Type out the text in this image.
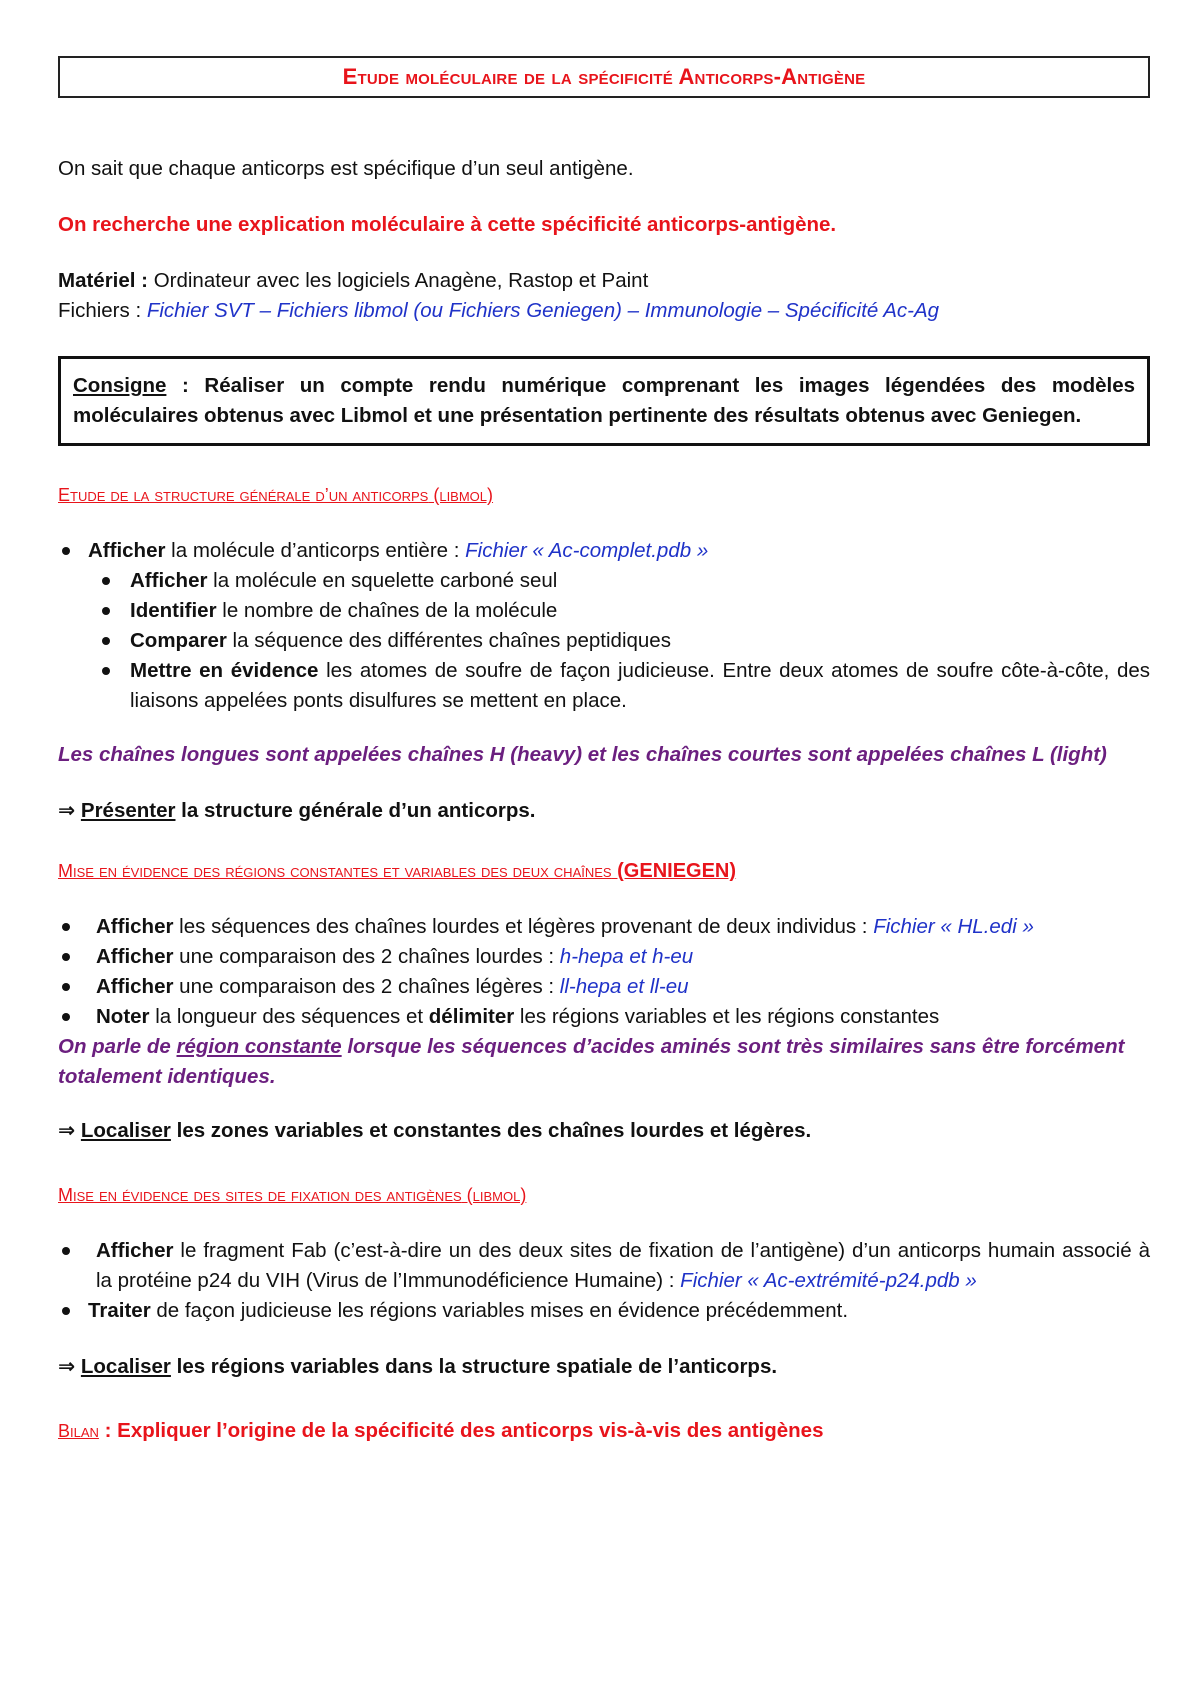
Etude moléculaire de la spécificité Anticorps-Antigène

On sait que chaque anticorps est spécifique d’un seul antigène.

On recherche une explication moléculaire à cette spécificité anticorps-antigène.

Matériel : Ordinateur avec les logiciels Anagène, Rastop et Paint

Fichiers : Fichier SVT – Fichiers libmol (ou Fichiers Geniegen) – Immunologie – Spécificité Ac-Ag

Consigne : Réaliser un compte rendu numérique comprenant les images légendées des modèles moléculaires obtenus avec Libmol et une présentation pertinente des résultats obtenus avec Geniegen.

Etude de la structure générale d’un anticorps (libmol)

Afficher la molécule d’anticorps entière : Fichier « Ac-complet.pdb »
Afficher la molécule en squelette carboné seul
Identifier le nombre de chaînes de la molécule
Comparer la séquence des différentes chaînes peptidiques
Mettre en évidence les atomes de soufre de façon judicieuse. Entre deux atomes de soufre côte-à-côte, des liaisons appelées ponts disulfures se mettent en place.

Les chaînes longues sont appelées chaînes H (heavy) et les chaînes courtes sont appelées chaînes L (light)

⇒ Présenter la structure générale d’un anticorps.

Mise en évidence des régions constantes et variables des deux chaînes (GENIEGEN)

Afficher les séquences des chaînes lourdes et légères provenant de deux individus : Fichier « HL.edi »
Afficher une comparaison des 2 chaînes lourdes : h-hepa et h-eu
Afficher une comparaison des 2 chaînes légères : ll-hepa et ll-eu
Noter la longueur des séquences et délimiter les régions variables et les régions constantes

On parle de région constante lorsque les séquences d’acides aminés sont très similaires sans être forcément totalement identiques.

⇒ Localiser les zones variables et constantes des chaînes lourdes et légères.

Mise en évidence des sites de fixation des antigènes (libmol)

Afficher le fragment Fab (c’est-à-dire un des deux sites de fixation de l’antigène) d’un anticorps humain associé à la protéine p24 du VIH (Virus de l’Immunodéficience Humaine) : Fichier « Ac-extrémité-p24.pdb »
Traiter de façon judicieuse les régions variables mises en évidence précédemment.

⇒ Localiser les régions variables dans la structure spatiale de l’anticorps.

Bilan : Expliquer l’origine de la spécificité des anticorps vis-à-vis des antigènes
